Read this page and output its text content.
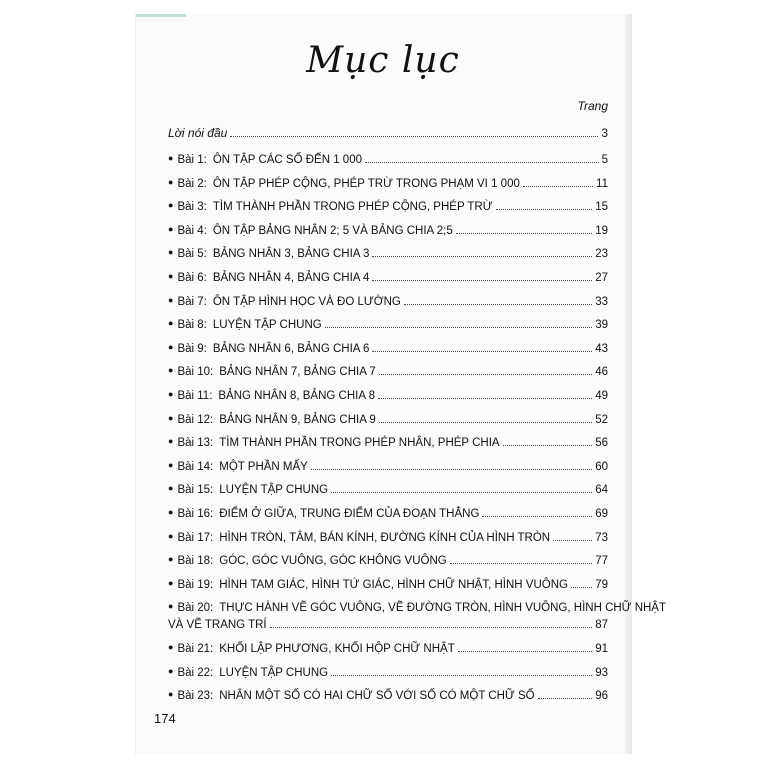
Mục lục
Trang
Lời nói đầu	3
● Bài 1: ÔN TẬP CÁC SỐ ĐẾN 1 000	5
● Bài 2: ÔN TẬP PHÉP CỘNG, PHÉP TRỪ TRONG PHẠM VI 1 000	11
● Bài 3: TÌM THÀNH PHẦN TRONG PHÉP CỘNG, PHÉP TRỪ	15
● Bài 4: ÔN TẬP BẢNG NHÂN 2; 5 VÀ BẢNG CHIA 2;5	19
● Bài 5: BẢNG NHÂN 3, BẢNG CHIA 3	23
● Bài 6: BẢNG NHÂN 4, BẢNG CHIA 4	27
● Bài 7: ÔN TẬP HÌNH HỌC VÀ ĐO LƯỜNG	33
● Bài 8: LUYỆN TẬP CHUNG	39
● Bài 9: BẢNG NHÂN 6, BẢNG CHIA 6	43
● Bài 10: BẢNG NHÂN 7, BẢNG CHIA 7	46
● Bài 11: BẢNG NHÂN 8, BẢNG CHIA 8	49
● Bài 12: BẢNG NHÂN 9, BẢNG CHIA 9	52
● Bài 13: TÌM THÀNH PHẦN TRONG PHÉP NHÂN, PHÉP CHIA	56
● Bài 14: MỘT PHẦN MẤY	60
● Bài 15: LUYỆN TẬP CHUNG	64
● Bài 16: ĐIỂM Ở GIỮA, TRUNG ĐIỂM CỦA ĐOẠN THẲNG	69
● Bài 17: HÌNH TRÒN, TÂM, BÁN KÍNH, ĐƯỜNG KÍNH CỦA HÌNH TRÒN	73
● Bài 18: GÓC, GÓC VUÔNG, GÓC KHÔNG VUÔNG	77
● Bài 19: HÌNH TAM GIÁC, HÌNH TỨ GIÁC, HÌNH CHỮ NHẬT, HÌNH VUÔNG 79
● Bài 20: THỰC HÀNH VẼ GÓC VUÔNG, VẼ ĐƯỜNG TRÒN, HÌNH VUÔNG, HÌNH CHỮ NHẬT
VÀ VẼ TRANG TRÍ	87
● Bài 21: KHỐI LẬP PHƯƠNG, KHỐI HỘP CHỮ NHẬT	91
● Bài 22: LUYỆN TẬP CHUNG	93
● Bài 23: NHÂN MỘT SỐ CÓ HAI CHỮ SỐ VỚI SỐ CÓ MỘT CHỮ SỐ	96
174
